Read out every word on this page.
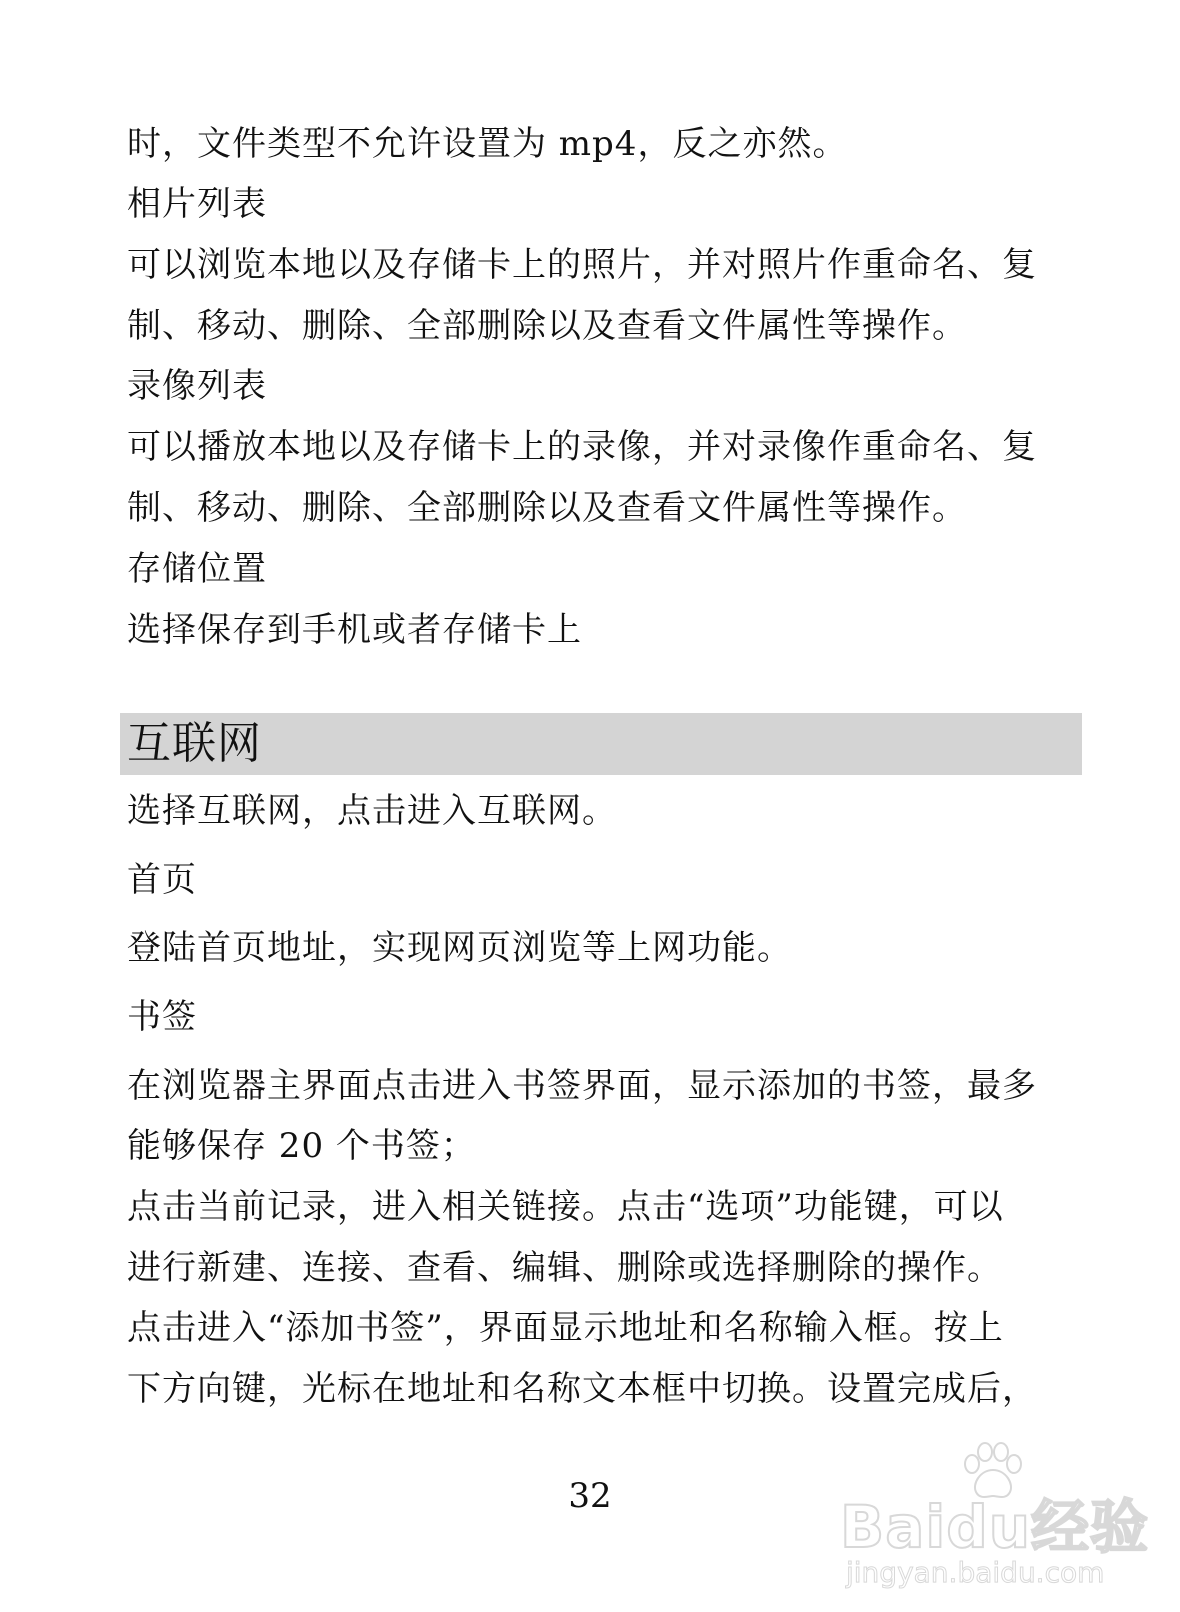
时，文件类型不允许设置为 mp4，反之亦然。
相片列表
可以浏览本地以及存储卡上的照片，并对照片作重命名、复
制、移动、删除、全部删除以及查看文件属性等操作。
录像列表
可以播放本地以及存储卡上的录像，并对录像作重命名、复
制、移动、删除、全部删除以及查看文件属性等操作。
存储位置
选择保存到手机或者存储卡上
互联网
选择互联网，点击进入互联网。
首页
登陆首页地址，实现网页浏览等上网功能。
书签
在浏览器主界面点击进入书签界面，显示添加的书签，最多
能够保存 20 个书签；
点击当前记录，进入相关链接。点击“选项”功能键，可以
进行新建、连接、查看、编辑、删除或选择删除的操作。
点击进入“添加书签”，界面显示地址和名称输入框。按上
下方向键，光标在地址和名称文本框中切换。设置完成后，
32	Baidu经验
jingyan.baidu.com
